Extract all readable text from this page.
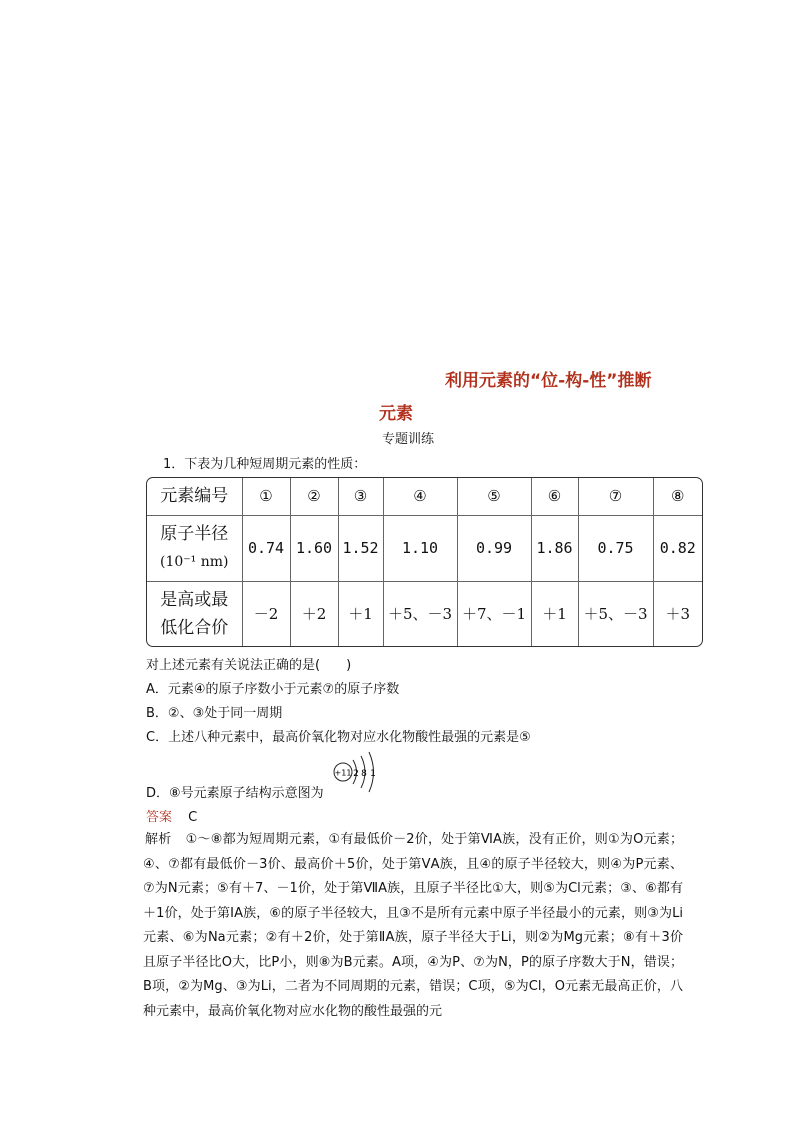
利用元素的“位-构-性”推断
元素
专题训练
1．下表为几种短周期元素的性质：
元素编号	①	②	③	④	⑤	⑥	⑦	⑧

原子半径
(10⁻¹ nm)	0.74	1.60	1.52	1.10	0.99	1.86	0.75	0.82

是高或最
低化合价	－2	＋2	＋1	＋5、－3	＋7、－1	＋1	＋5、－3	＋3
对上述元素有关说法正确的是(　　)
A．元素④的原子序数小于元素⑦的原子序数
B．②、③处于同一周期
C．上述八种元素中，最高价氧化物对应水化物酸性最强的元素是⑤
+11 2 8 1
D．⑧号元素原子结构示意图为
答案 C
解析 ①～⑧都为短周期元素，①有最低价－2价，处于第ⅥA族，没有正价，则①为O元素；④、⑦都有最低价－3价、最高价＋5价，处于第ⅤA族，且④的原子半径较大，则④为P元素、⑦为N元素；⑤有＋7、－1价，处于第ⅦA族，且原子半径比①大，则⑤为Cl元素；③、⑥都有＋1价，处于第ⅠA族，⑥的原子半径较大，且③不是所有元素中原子半径最小的元素，则③为Li元素、⑥为Na元素；②有＋2价，处于第ⅡA族，原子半径大于Li，则②为Mg元素；⑧有＋3价且原子半径比O大，比P小，则⑧为B元素。A项，④为P、⑦为N，P的原子序数大于N，错误；B项，②为Mg、③为Li，二者为不同周期的元素，错误；C项，⑤为Cl，O元素无最高正价，八种元素中，最高价氧化物对应水化物的酸性最强的元
